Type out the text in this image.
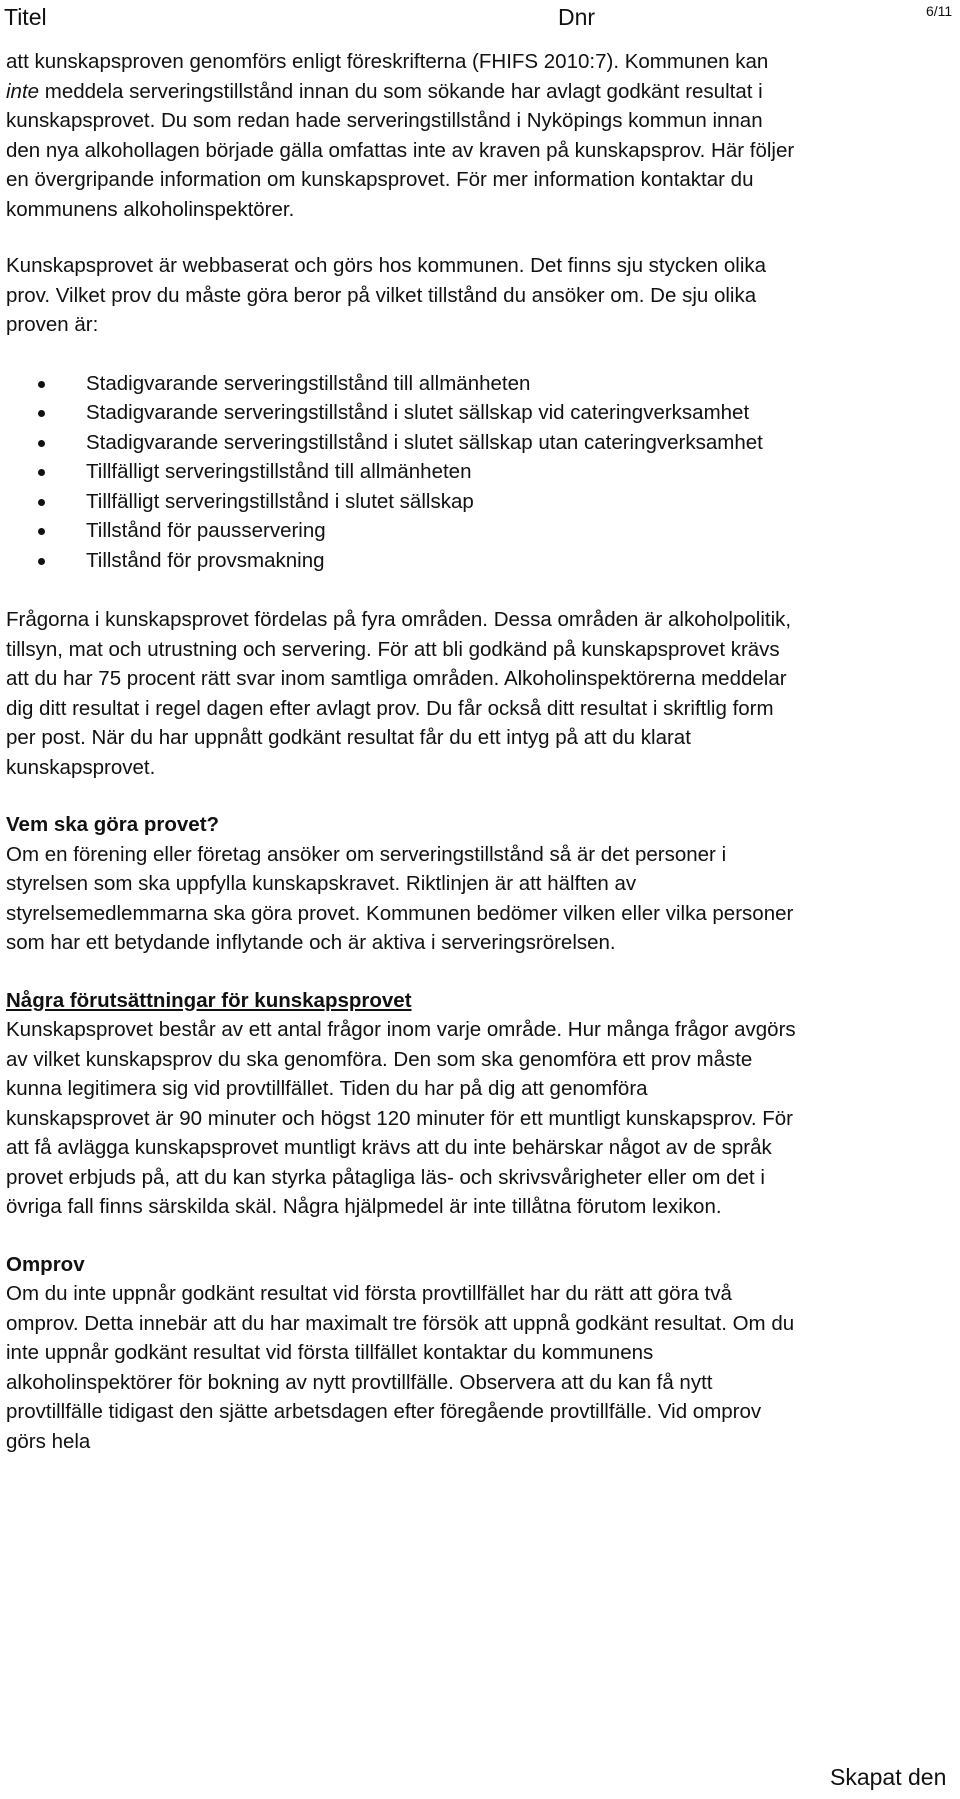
Titel	Dnr	6/11

att kunskapsproven genomförs enligt föreskrifterna (FHIFS 2010:7). Kommunen kan inte meddela serveringstillstånd innan du som sökande har avlagt godkänt resultat i kunskapsprovet. Du som redan hade serveringstillstånd i Nyköpings kommun innan den nya alkohollagen började gälla omfattas inte av kraven på kunskapsprov. Här följer en övergripande information om kunskapsprovet. För mer information kontaktar du kommunens alkoholinspektörer.

Kunskapsprovet är webbaserat och görs hos kommunen. Det finns sju stycken olika prov. Vilket prov du måste göra beror på vilket tillstånd du ansöker om. De sju olika proven är:

Stadigvarande serveringstillstånd till allmänheten
Stadigvarande serveringstillstånd i slutet sällskap vid cateringverksamhet
Stadigvarande serveringstillstånd i slutet sällskap utan cateringverksamhet
Tillfälligt serveringstillstånd till allmänheten
Tillfälligt serveringstillstånd i slutet sällskap
Tillstånd för pausservering
Tillstånd för provsmakning

Frågorna i kunskapsprovet fördelas på fyra områden. Dessa områden är alkoholpolitik, tillsyn, mat och utrustning och servering. För att bli godkänd på kunskapsprovet krävs att du har 75 procent rätt svar inom samtliga områden. Alkoholinspektörerna meddelar dig ditt resultat i regel dagen efter avlagt prov. Du får också ditt resultat i skriftlig form per post. När du har uppnått godkänt resultat får du ett intyg på att du klarat kunskapsprovet.

Vem ska göra provet?

Om en förening eller företag ansöker om serveringstillstånd så är det personer i styrelsen som ska uppfylla kunskapskravet. Riktlinjen är att hälften av styrelsemedlemmarna ska göra provet. Kommunen bedömer vilken eller vilka personer som har ett betydande inflytande och är aktiva i serveringsrörelsen.

Några förutsättningar för kunskapsprovet

Kunskapsprovet består av ett antal frågor inom varje område. Hur många frågor avgörs av vilket kunskapsprov du ska genomföra. Den som ska genomföra ett prov måste kunna legitimera sig vid provtillfället. Tiden du har på dig att genomföra kunskapsprovet är 90 minuter och högst 120 minuter för ett muntligt kunskapsprov. För att få avlägga kunskapsprovet muntligt krävs att du inte behärskar något av de språk provet erbjuds på, att du kan styrka påtagliga läs- och skrivsvårigheter eller om det i övriga fall finns särskilda skäl. Några hjälpmedel är inte tillåtna förutom lexikon.

Omprov

Om du inte uppnår godkänt resultat vid första provtillfället har du rätt att göra två omprov. Detta innebär att du har maximalt tre försök att uppnå godkänt resultat. Om du inte uppnår godkänt resultat vid första tillfället kontaktar du kommunens alkoholinspektörer för bokning av nytt provtillfälle. Observera att du kan få nytt provtillfälle tidigast den sjätte arbetsdagen efter föregående provtillfälle. Vid omprov görs hela

Skapat den
